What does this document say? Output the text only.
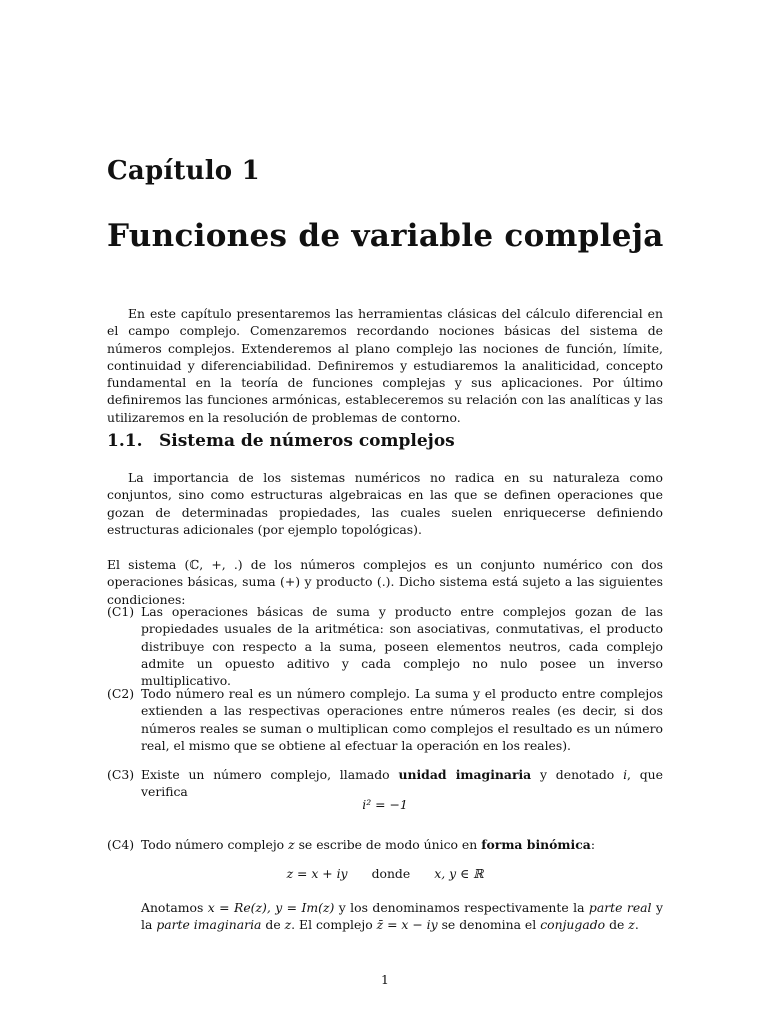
Capítulo 1
Funciones de variable compleja

En este capítulo presentaremos las herramientas clásicas del cálculo diferencial en el campo complejo. Comenzaremos recordando nociones básicas del sistema de números complejos. Extenderemos al plano complejo las nociones de función, límite, continuidad y diferenciabilidad. Definiremos y estudiaremos la analiticidad, concepto fundamental en la teoría de funciones complejas y sus aplicaciones. Por último definiremos las funciones armónicas, estableceremos su relación con las analíticas y las utilizaremos en la resolución de problemas de contorno.

1.1. Sistema de números complejos

La importancia de los sistemas numéricos no radica en su naturaleza como conjuntos, sino como estructuras algebraicas en las que se definen operaciones que gozan de determinadas propiedades, las cuales suelen enriquecerse definiendo estructuras adicionales (por ejemplo topológicas).

El sistema (ℂ, +, .) de los números complejos es un conjunto numérico con dos operaciones básicas, suma (+) y producto (.). Dicho sistema está sujeto a las siguientes condiciones:

(C1) Las operaciones básicas de suma y producto entre complejos gozan de las propiedades usuales de la aritmética: son asociativas, conmutativas, el producto distribuye con respecto a la suma, poseen elementos neutros, cada complejo admite un opuesto aditivo y cada complejo no nulo posee un inverso multiplicativo.

(C2) Todo número real es un número complejo. La suma y el producto entre complejos extienden a las respectivas operaciones entre números reales (es decir, si dos números reales se suman o multiplican como complejos el resultado es un número real, el mismo que se obtiene al efectuar la operación en los reales).

(C3) Existe un número complejo, llamado unidad imaginaria y denotado i, que verifica

i² = −1
(C4) Todo número complejo z se escribe de modo único en forma binómica:

z = x + iy donde x, y ∈ ℝ

Anotamos x = Re(z), y = Im(z) y los denominamos respectivamente la parte real y la parte imaginaria de z. El complejo z̄ = x − iy se denomina el conjugado de z.

1
